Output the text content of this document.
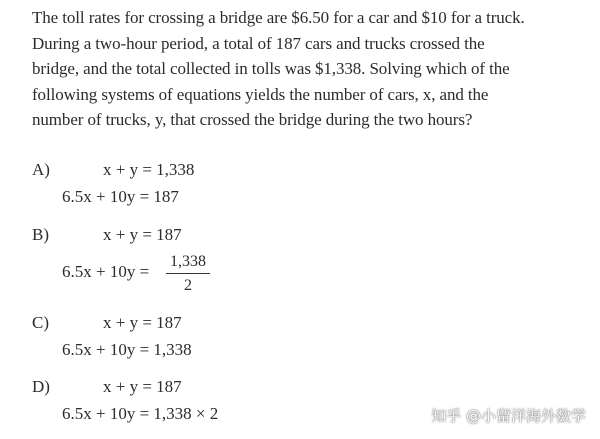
The toll rates for crossing a bridge are $6.50 for a car and $10 for a truck.
During a two-hour period, a total of 187 cars and trucks crossed the
bridge, and the total collected in tolls was $1,338. Solving which of the
following systems of equations yields the number of cars, x, and the
number of trucks, y, that crossed the bridge during the two hours?
A)	x + y = 1,338
6.5x + 10y = 187
B)	x + y = 187
6.5x + 10y =
1,338
2
C)	x + y = 187
6.5x + 10y = 1,338
D)	x + y = 187
6.5x + 10y = 1,338 × 2	知乎 @小留洋海外数学
